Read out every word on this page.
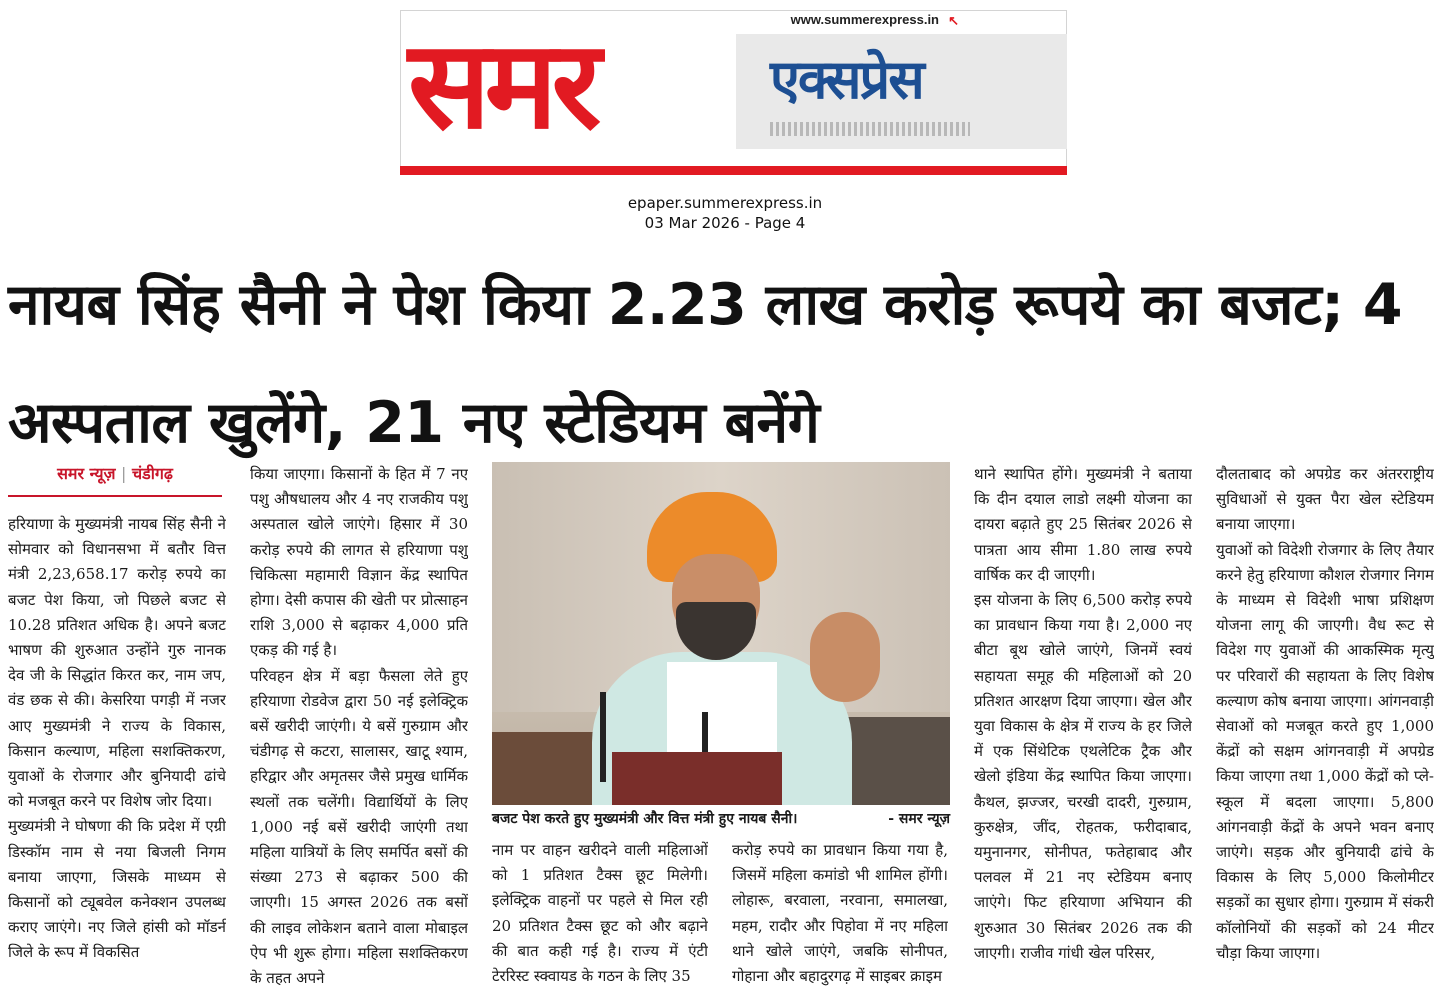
समर	एक्सप्रेस
www.summerexpress.in ↖
epaper.summerexpress.in
03 Mar 2026 - Page 4
नायब सिंह सैनी ने पेश किया 2.23 लाख करोड़ रूपये का बजट; 4 अस्पताल खुलेंगे, 21 नए स्टेडियम बनेंगे
समर न्यूज़ | चंडीगढ़

हरियाणा के मुख्यमंत्री नायब सिंह सैनी ने सोमवार को विधानसभा में बतौर वित्त मंत्री 2,23,658.17 करोड़ रुपये का बजट पेश किया, जो पिछले बजट से 10.28 प्रतिशत अधिक है। अपने बजट भाषण की शुरुआत उन्होंने गुरु नानक देव जी के सिद्धांत किरत कर, नाम जप, वंड छक से की। केसरिया पगड़ी में नजर आए मुख्यमंत्री ने राज्य के विकास, किसान कल्याण, महिला सशक्तिकरण, युवाओं के रोजगार और बुनियादी ढांचे को मजबूत करने पर विशेष जोर दिया।

मुख्यमंत्री ने घोषणा की कि प्रदेश में एग्री डिस्कॉम नाम से नया बिजली निगम बनाया जाएगा, जिसके माध्यम से किसानों को ट्यूबवेल कनेक्शन उपलब्ध कराए जाएंगे। नए जिले हांसी को मॉडर्न जिले के रूप में विकसित

किया जाएगा। किसानों के हित में 7 नए पशु औषधालय और 4 नए राजकीय पशु अस्पताल खोले जाएंगे। हिसार में 30 करोड़ रुपये की लागत से हरियाणा पशु चिकित्सा महामारी विज्ञान केंद्र स्थापित होगा। देसी कपास की खेती पर प्रोत्साहन राशि 3,000 से बढ़ाकर 4,000 प्रति एकड़ की गई है।

परिवहन क्षेत्र में बड़ा फैसला लेते हुए हरियाणा रोडवेज द्वारा 50 नई इलेक्ट्रिक बसें खरीदी जाएंगी। ये बसें गुरुग्राम और चंडीगढ़ से कटरा, सालासर, खाटू श्याम, हरिद्वार और अमृतसर जैसे प्रमुख धार्मिक स्थलों तक चलेंगी। विद्यार्थियों के लिए 1,000 नई बसें खरीदी जाएंगी तथा महिला यात्रियों के लिए समर्पित बसों की संख्या 273 से बढ़ाकर 500 की जाएगी। 15 अगस्त 2026 तक बसों की लाइव लोकेशन बताने वाला मोबाइल ऐप भी शुरू होगा। महिला सशक्तिकरण के तहत अपने

बजट पेश करते हुए मुख्यमंत्री और वित्त मंत्री हुए नायब सैनी।	- समर न्यूज़

नाम पर वाहन खरीदने वाली महिलाओं को 1 प्रतिशत टैक्स छूट मिलेगी। इलेक्ट्रिक वाहनों पर पहले से मिल रही 20 प्रतिशत टैक्स छूट को और बढ़ाने की बात कही गई है। राज्य में एंटी टेररिस्ट स्क्वायड के गठन के लिए 35

करोड़ रुपये का प्रावधान किया गया है, जिसमें महिला कमांडो भी शामिल होंगी। लोहारू, बरवाला, नरवाना, समालखा, महम, रादौर और पिहोवा में नए महिला थाने खोले जाएंगे, जबकि सोनीपत, गोहाना और बहादुरगढ़ में साइबर क्राइम

थाने स्थापित होंगे। मुख्यमंत्री ने बताया कि दीन दयाल लाडो लक्ष्मी योजना का दायरा बढ़ाते हुए 25 सितंबर 2026 से पात्रता आय सीमा 1.80 लाख रुपये वार्षिक कर दी जाएगी।

इस योजना के लिए 6,500 करोड़ रुपये का प्रावधान किया गया है। 2,000 नए बीटा बूथ खोले जाएंगे, जिनमें स्वयं सहायता समूह की महिलाओं को 20 प्रतिशत आरक्षण दिया जाएगा। खेल और युवा विकास के क्षेत्र में राज्य के हर जिले में एक सिंथेटिक एथलेटिक ट्रैक और खेलो इंडिया केंद्र स्थापित किया जाएगा। कैथल, झज्जर, चरखी दादरी, गुरुग्राम, कुरुक्षेत्र, जींद, रोहतक, फरीदाबाद, यमुनानगर, सोनीपत, फतेहाबाद और पलवल में 21 नए स्टेडियम बनाए जाएंगे। फिट हरियाणा अभियान की शुरुआत 30 सितंबर 2026 तक की जाएगी। राजीव गांधी खेल परिसर,

दौलताबाद को अपग्रेड कर अंतरराष्ट्रीय सुविधाओं से युक्त पैरा खेल स्टेडियम बनाया जाएगा।

युवाओं को विदेशी रोजगार के लिए तैयार करने हेतु हरियाणा कौशल रोजगार निगम के माध्यम से विदेशी भाषा प्रशिक्षण योजना लागू की जाएगी। वैध रूट से विदेश गए युवाओं की आकस्मिक मृत्यु पर परिवारों की सहायता के लिए विशेष कल्याण कोष बनाया जाएगा। आंगनवाड़ी सेवाओं को मजबूत करते हुए 1,000 केंद्रों को सक्षम आंगनवाड़ी में अपग्रेड किया जाएगा तथा 1,000 केंद्रों को प्ले-स्कूल में बदला जाएगा। 5,800 आंगनवाड़ी केंद्रों के अपने भवन बनाए जाएंगे। सड़क और बुनियादी ढांचे के विकास के लिए 5,000 किलोमीटर सड़कों का सुधार होगा। गुरुग्राम में संकरी कॉलोनियों की सड़कों को 24 मीटर चौड़ा किया जाएगा।
